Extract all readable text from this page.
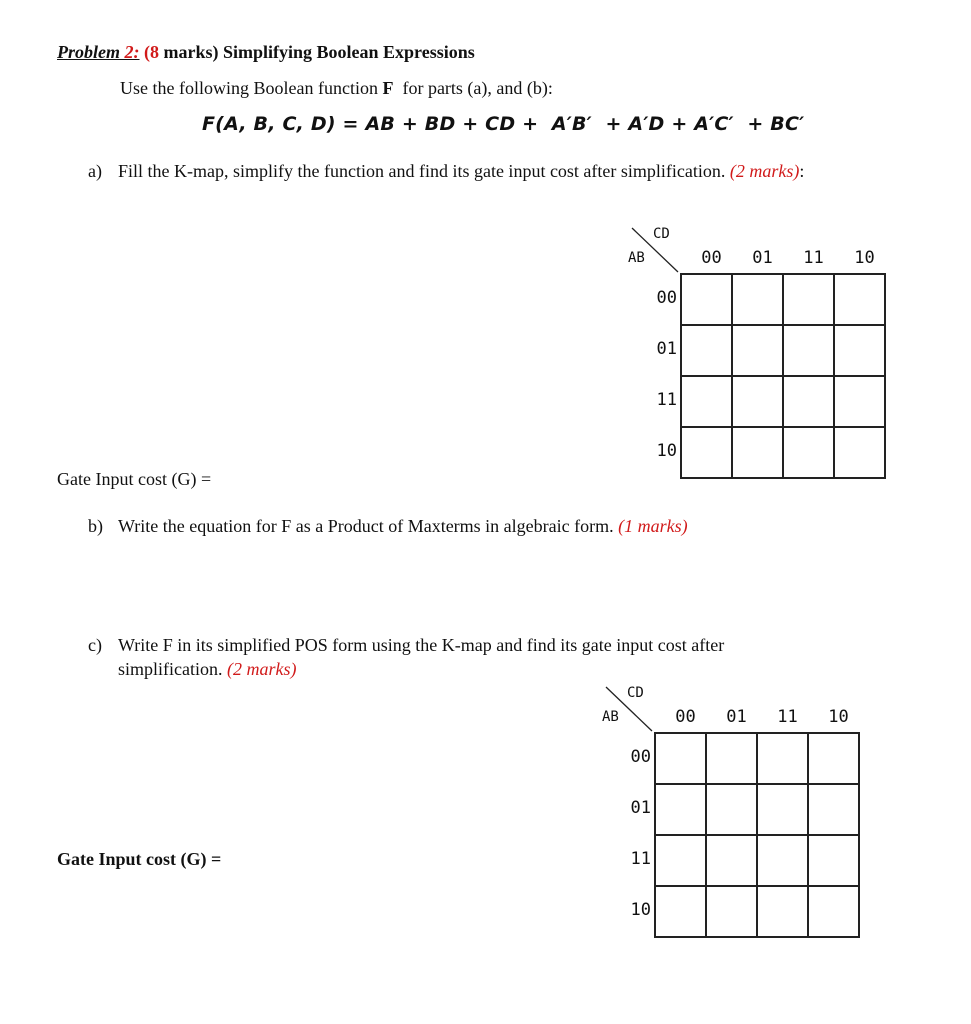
Problem 2: (8 marks) Simplifying Boolean Expressions
Use the following Boolean function F  for parts (a), and (b):
F(A, B, C, D) = AB + BD + CD +  A′B′  + A′D + A′C′  + BC′
a) Fill the K-map, simplify the function and find its gate input cost after simplification. (2 marks):
CD
AB	00	01	11	10
00
01
11
10
Gate Input cost (G) =
b) Write the equation for F as a Product of Maxterms in algebraic form. (1 marks)
c) Write F in its simplified POS form using the K-map and find its gate input cost after
simplification. (2 marks)
CD
AB	00	01	11	10
00
01
11
10
Gate Input cost (G) =
